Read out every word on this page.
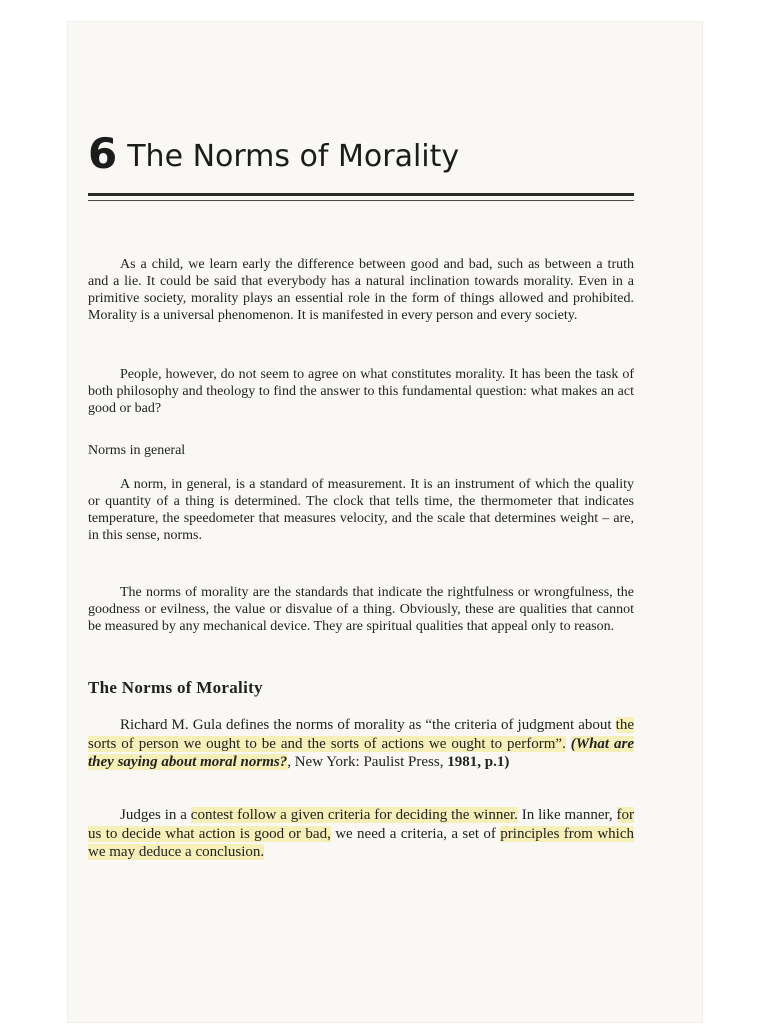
6 The Norms of Morality

As a child, we learn early the difference between good and bad, such as between a truth and a lie. It could be said that everybody has a natural inclination towards morality. Even in a primitive society, morality plays an essential role in the form of things allowed and prohibited. Morality is a universal phenomenon. It is manifested in every person and every society.

People, however, do not seem to agree on what constitutes morality. It has been the task of both philosophy and theology to find the answer to this fundamental question: what makes an act good or bad?

Norms in general

A norm, in general, is a standard of measurement. It is an instrument of which the quality or quantity of a thing is determined. The clock that tells time, the thermometer that indicates temperature, the speedometer that measures velocity, and the scale that determines weight – are, in this sense, norms.

The norms of morality are the standards that indicate the rightfulness or wrongfulness, the goodness or evilness, the value or disvalue of a thing. Obviously, these are qualities that cannot be measured by any mechanical device. They are spiritual qualities that appeal only to reason.

The Norms of Morality

Richard M. Gula defines the norms of morality as “the criteria of judgment about the sorts of person we ought to be and the sorts of actions we ought to perform”. (What are they saying about moral norms?, New York: Paulist Press, 1981, p.1)

Judges in a contest follow a given criteria for deciding the winner. In like manner, for us to decide what action is good or bad, we need a criteria, a set of principles from which we may deduce a conclusion.
